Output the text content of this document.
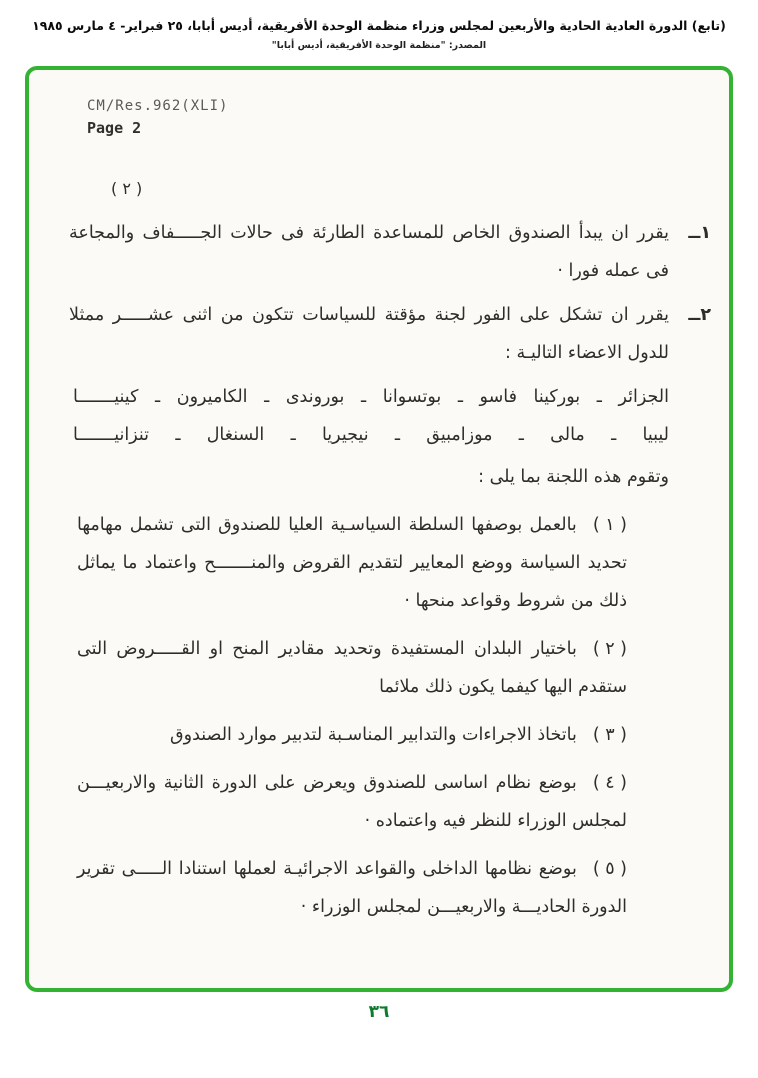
(تابع) الدورة العادية الحادية والأربعين لمجلس وزراء منظمة الوحدة الأفريقية، أديس أبابا، ٢٥ فبراير- ٤ مارس ١٩٨٥
المصدر: "منظمة الوحدة الأفريقية، أديس أبابا"
CM/Res.962(XLI)
Page 2
( ٢ )
١ــ
يقرر ان يبدأ الصندوق الخاص للمساعدة الطارئة فى حالات الجـــــفاف والمجاعة فى عمله فورا ·
٢ــ
يقرر ان تشكل على الفور لجنة مؤقتة للسياسات تتكون من اثنى عشـــــر ممثلا للدول الاعضاء التاليـة :
الجزائر ـ بوركينا فاسو ـ بوتسوانا ـ بوروندى ـ الكاميرون ـ كينيـــــــا
ليبيا ـ مالى ـ موزامبيق ـ نيجيريا ـ السنغال ـ تنزانيـــــــا
وتقوم هذه اللجنة بما يلى :
( ١ )
بالعمل بوصفها السلطة السياسـية العليا للصندوق التى تشمل مهامها تحديد السياسة ووضع المعايير لتقديم القروض والمنـــــــح واعتماد ما يماثل ذلك من شروط وقواعد منحها ·
( ٢ )
باختيار البلدان المستفيدة وتحديد مقادير المنح او القـــــروض التى ستقدم اليها كيفما يكون ذلك ملائما
( ٣ )
باتخاذ الاجراءات والتدابير المناسـبة لتدبير موارد الصندوق
( ٤ )
بوضع نظام اساسى للصندوق ويعرض على الدورة الثانية والاربعيـــن لمجلس الوزراء للنظر فيه واعتماده ·
( ٥ )
بوضع نظامها الداخلى والقواعد الاجرائيـة لعملها استنادا الـــــى تقرير الدورة الحاديـــة والاربعيـــن لمجلس الوزراء ·
٣٦
